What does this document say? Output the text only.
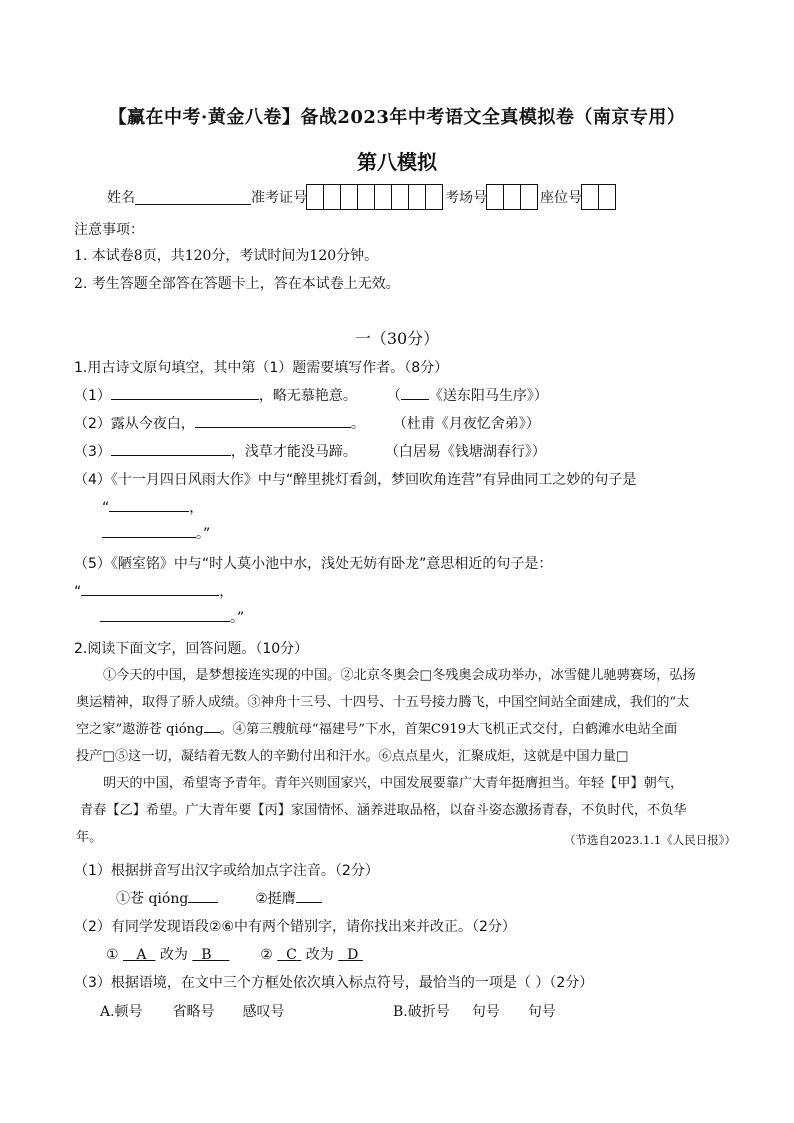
【赢在中考·黄金八卷】备战2023年中考语文全真模拟卷（南京专用）
第八模拟
姓名	准考证号	考场号	座位号
注意事项：
1. 本试卷8页，共120分，考试时间为120分钟。
2. 考生答题全部答在答题卡上，答在本试卷上无效。
一（30分）
1.用古诗文原句填空，其中第（1）题需要填写作者。（8分）
（1）	，略无慕艳意。 （ 《送东阳马生序》）
（2）露从今夜白，	。 （杜甫《月夜忆舍弟》）
（3）	，浅草才能没马蹄。 （白居易《钱塘湖春行》）
（4）《十一月四日风雨大作》中与“醉里挑灯看剑，梦回吹角连营”有异曲同工之妙的句子是
“	，
。”
（5）《陋室铭》中与“时人莫小池中水，浅处无妨有卧龙”意思相近的句子是：
“	，
。”
2.阅读下面文字，回答问题。（10分）
①今天的中国，是梦想接连实现的中国。②北京冬奥会□冬残奥会成功举办，冰雪健儿驰骋赛场，弘扬
奥运精神，取得了骄人成绩。③神舟十三号、十四号、十五号接力腾飞，中国空间站全面建成，我们的“太
空之家”遨游苍 qióng 。④第三艘航母“福建号”下水，首架C919大飞机正式交付，白鹤滩水电站全面
投产□⑤这一切，凝结着无数人的辛勤付出和汗水。⑥点点星火，汇聚成炬，这就是中国力量□
明天的中国，希望寄予青年。青年兴则国家兴，中国发展要靠广大青年挺膺担当。年轻【甲】朝气，
青春【乙】希望。广大青年要【丙】家国情怀、涵养进取品格，以奋斗姿态激扬青春，不负时代，不负华
年。	（节选自2023.1.1《人民日报》）
（1）根据拼音写出汉字或给加点字注音。（2分）
①苍 qióng	②挺膺
（2）有同学发现语段②⑥中有两个错别字，请你找出来并改正。（2分）
① A 改为 B	② C 改为 D
（3）根据语境，在文中三个方框处依次填入标点符号，最恰当的一项是（ ）（2分）
A.顿号 省略号 感叹号	B.破折号 句号 句号
